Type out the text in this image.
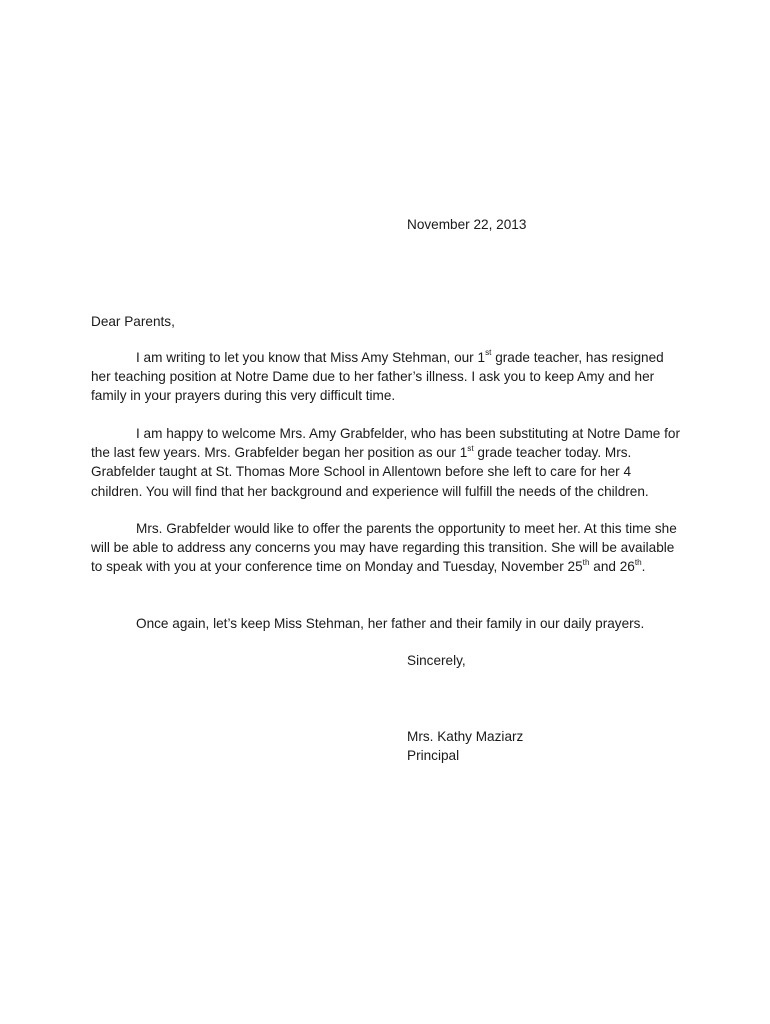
November 22, 2013
Dear Parents,
I am writing to let you know that Miss Amy Stehman, our 1st grade teacher, has resigned her teaching position at Notre Dame due to her father’s illness. I ask you to keep Amy and her family in your prayers during this very difficult time.
I am happy to welcome Mrs. Amy Grabfelder, who has been substituting at Notre Dame for the last few years. Mrs. Grabfelder began her position as our 1st grade teacher today. Mrs. Grabfelder taught at St. Thomas More School in Allentown before she left to care for her 4 children. You will find that her background and experience will fulfill the needs of the children.
Mrs. Grabfelder would like to offer the parents the opportunity to meet her. At this time she will be able to address any concerns you may have regarding this transition. She will be available to speak with you at your conference time on Monday and Tuesday, November 25th and 26th.
Once again, let’s keep Miss Stehman, her father and their family in our daily prayers.
Sincerely,
Mrs. Kathy Maziarz
Principal
